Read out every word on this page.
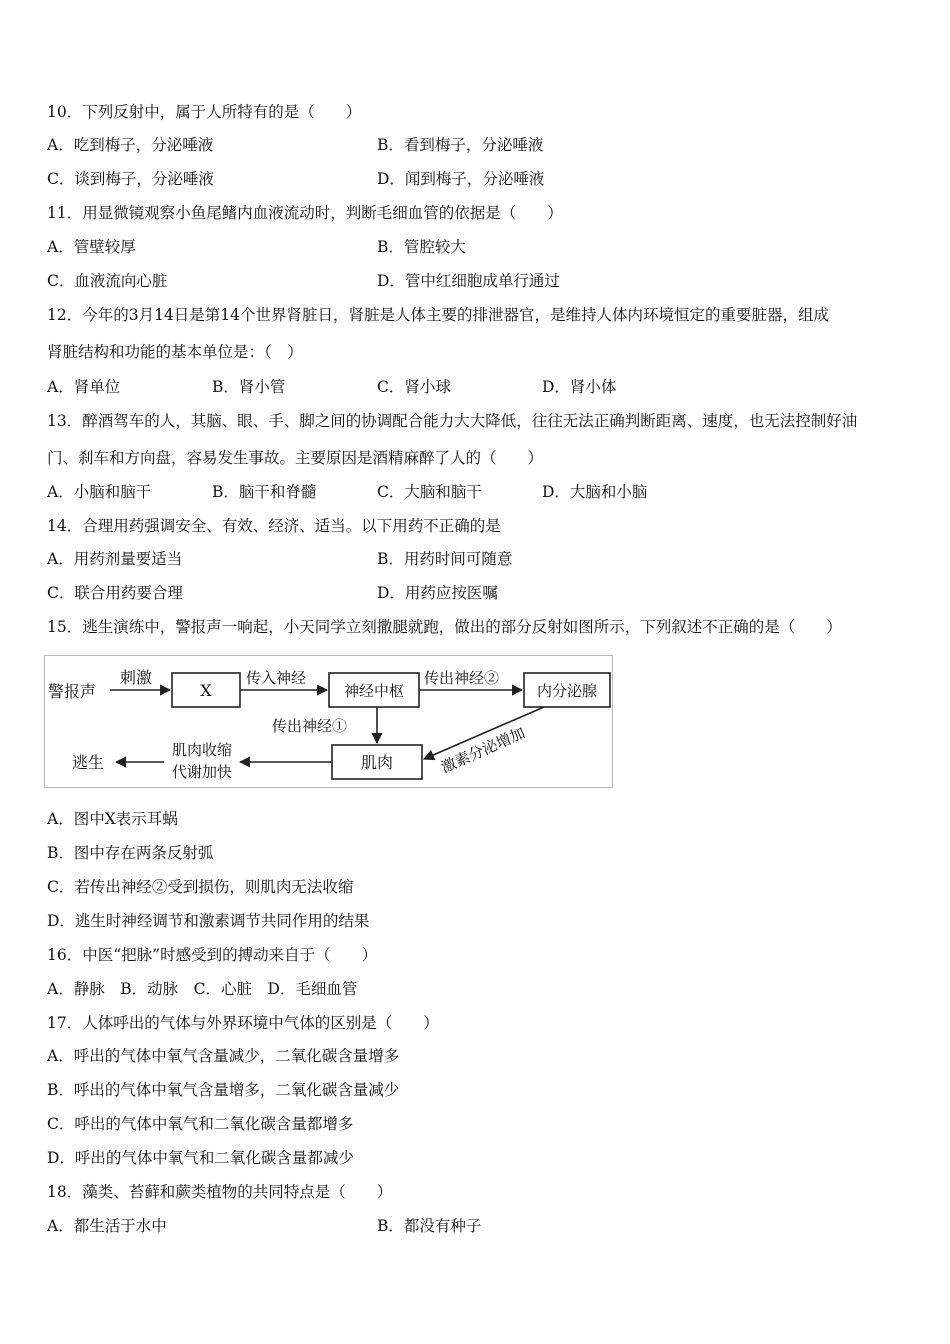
10．下列反射中，属于人所特有的是（　　）
A．吃到梅子，分泌唾液	B．看到梅子，分泌唾液
C．谈到梅子，分泌唾液	D．闻到梅子，分泌唾液
11．用显微镜观察小鱼尾鳍内血液流动时，判断毛细血管的依据是（　　）
A．管壁较厚	B．管腔较大
C．血液流向心脏	D．管中红细胞成单行通过
12．今年的3月14日是第14个世界肾脏日，肾脏是人体主要的排泄器官，是维持人体内环境恒定的重要脏器，组成
肾脏结构和功能的基本单位是：（　）
A．肾单位	B．肾小管	C．肾小球	D．肾小体
13．醉酒驾车的人，其脑、眼、手、脚之间的协调配合能力大大降低，往往无法正确判断距离、速度，也无法控制好油
门、刹车和方向盘，容易发生事故。主要原因是酒精麻醉了人的（　　）
A．小脑和脑干	B．脑干和脊髓	C．大脑和脑干	D．大脑和小脑
14．合理用药强调安全、有效、经济、适当。以下用药不正确的是
A．用药剂量要适当	B．用药时间可随意
C．联合用药要合理	D．用药应按医嘱
15．逃生演练中，警报声一响起，小天同学立刻撒腿就跑，做出的部分反射如图所示，下列叙述不正确的是（　　）
警报声
刺激
X
传入神经
神经中枢
传出神经②
内分泌腺
传出神经①	激素分泌增加
肌肉
肌肉收缩
代谢加快
逃生
A．图中X表示耳蜗
B．图中存在两条反射弧
C．若传出神经②受到损伤，则肌肉无法收缩
D．逃生时神经调节和激素调节共同作用的结果
16．中医“把脉”时感受到的搏动来自于（　　）
A．静脉　B．动脉　C．心脏　D．毛细血管
17．人体呼出的气体与外界环境中气体的区别是（　　）
A．呼出的气体中氧气含量减少，二氧化碳含量增多
B．呼出的气体中氧气含量增多，二氧化碳含量减少
C．呼出的气体中氧气和二氧化碳含量都增多
D．呼出的气体中氧气和二氧化碳含量都减少
18．藻类、苔藓和蕨类植物的共同特点是（　　）
A．都生活于水中	B．都没有种子
